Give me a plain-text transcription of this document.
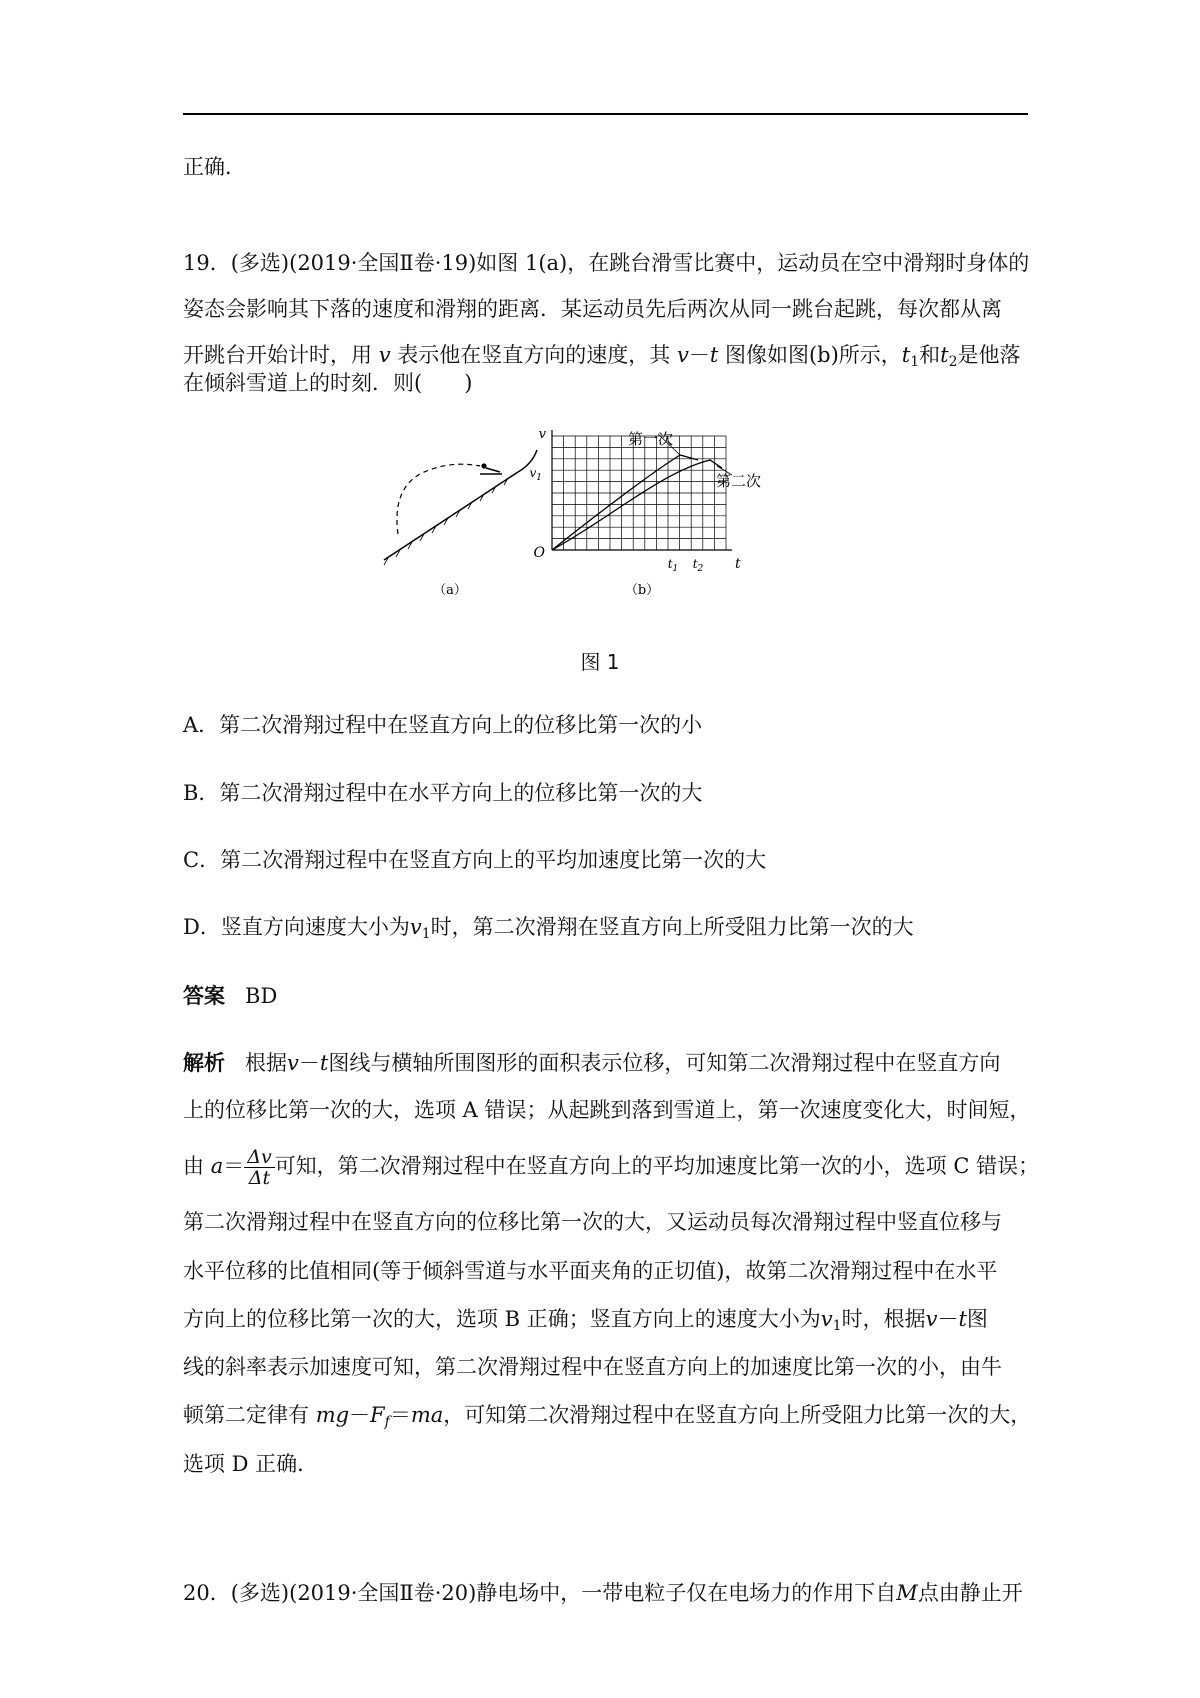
正确．

19．(多选)(2019·全国Ⅱ卷·19)如图 1(a)，在跳台滑雪比赛中，运动员在空中滑翔时身体的

姿态会影响其下落的速度和滑翔的距离．某运动员先后两次从同一跳台起跳，每次都从离

开跳台开始计时，用 v 表示他在竖直方向的速度，其 v－t 图像如图(b)所示，$t_1$和$t_2$是他落

在倾斜雪道上的时刻．则(　　)

（a）
v
O
$v_1$
$t_1$ $t_2$ t
第一次
第二次
（b）
图 1

A．第二次滑翔过程中在竖直方向上的位移比第一次的小

B．第二次滑翔过程中在水平方向上的位移比第一次的大

C．第二次滑翔过程中在竖直方向上的平均加速度比第一次的大

D．竖直方向速度大小为$v_1$时，第二次滑翔在竖直方向上所受阻力比第一次的大

答案 BD

解析 根据v－t图线与横轴所围图形的面积表示位移，可知第二次滑翔过程中在竖直方向

上的位移比第一次的大，选项 A 错误；从起跳到落到雪道上，第一次速度变化大，时间短，

由 $a= \frac{\Delta v}{\Delta t}$ 可知，第二次滑翔过程中在竖直方向上的平均加速度比第一次的小，选项 C 错误；

第二次滑翔过程中在竖直方向的位移比第一次的大，又运动员每次滑翔过程中竖直位移与

水平位移的比值相同(等于倾斜雪道与水平面夹角的正切值)，故第二次滑翔过程中在水平

方向上的位移比第一次的大，选项 B 正确；竖直方向上的速度大小为$v_1$时，根据v－t图

线的斜率表示加速度可知，第二次滑翔过程中在竖直方向上的加速度比第一次的小，由牛

顿第二定律有 $mg-F_f=ma$，可知第二次滑翔过程中在竖直方向上所受阻力比第一次的大，

选项 D 正确．

20．(多选)(2019·全国Ⅱ卷·20)静电场中，一带电粒子仅在电场力的作用下自M点由静止开
